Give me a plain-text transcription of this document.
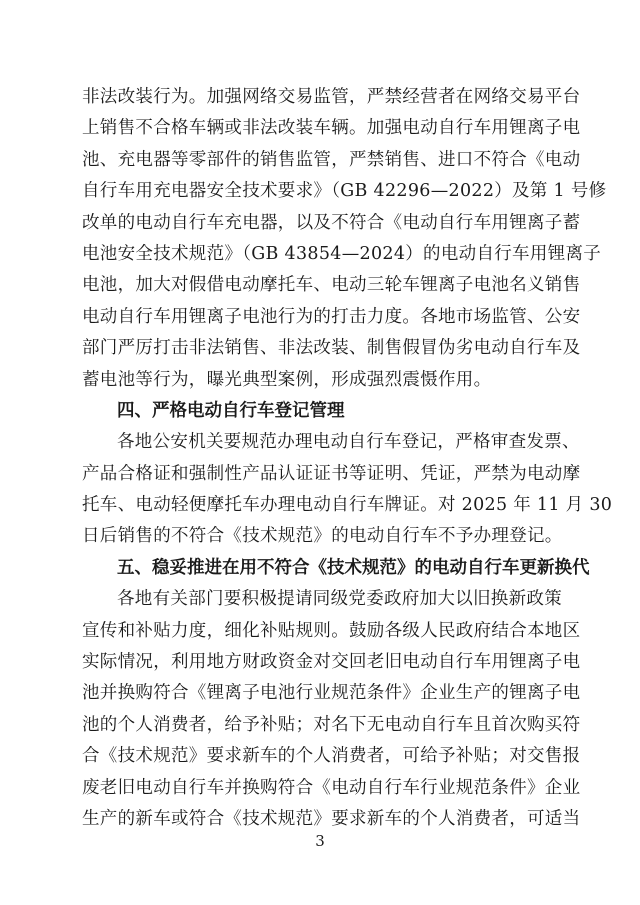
非法改装行为。加强网络交易监管，严禁经营者在网络交易平台
上销售不合格车辆或非法改装车辆。加强电动自行车用锂离子电
池、充电器等零部件的销售监管，严禁销售、进口不符合《电动
自行车用充电器安全技术要求》（GB 42296—2022）及第 1 号修
改单的电动自行车充电器，以及不符合《电动自行车用锂离子蓄
电池安全技术规范》（GB 43854—2024）的电动自行车用锂离子
电池，加大对假借电动摩托车、电动三轮车锂离子电池名义销售
电动自行车用锂离子电池行为的打击力度。各地市场监管、公安
部门严厉打击非法销售、非法改装、制售假冒伪劣电动自行车及
蓄电池等行为，曝光典型案例，形成强烈震慑作用。
四、严格电动自行车登记管理
各地公安机关要规范办理电动自行车登记，严格审查发票、
产品合格证和强制性产品认证证书等证明、凭证，严禁为电动摩
托车、电动轻便摩托车办理电动自行车牌证。对 2025 年 11 月 30
日后销售的不符合《技术规范》的电动自行车不予办理登记。
五、稳妥推进在用不符合《技术规范》的电动自行车更新换代
各地有关部门要积极提请同级党委政府加大以旧换新政策
宣传和补贴力度，细化补贴规则。鼓励各级人民政府结合本地区
实际情况，利用地方财政资金对交回老旧电动自行车用锂离子电
池并换购符合《锂离子电池行业规范条件》企业生产的锂离子电
池的个人消费者，给予补贴；对名下无电动自行车且首次购买符
合《技术规范》要求新车的个人消费者，可给予补贴；对交售报
废老旧电动自行车并换购符合《电动自行车行业规范条件》企业
生产的新车或符合《技术规范》要求新车的个人消费者，可适当
3
